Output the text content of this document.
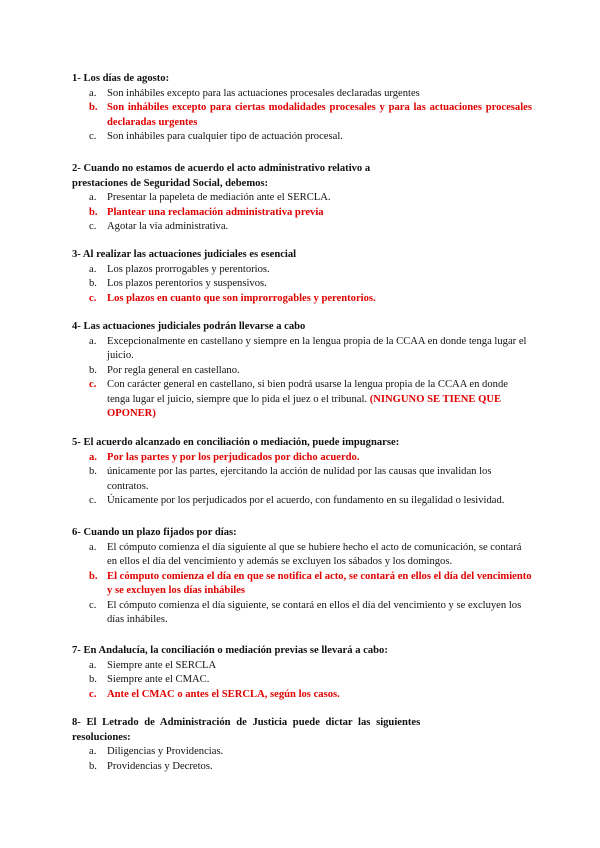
1- Los días de agosto:
a. Son inhábiles excepto para las actuaciones procesales declaradas urgentes
b. Son inhábiles excepto para ciertas modalidades procesales y para las actuaciones procesales declaradas urgentes
c. Son inhábiles para cualquier tipo de actuación procesal.
2- Cuando no estamos de acuerdo el acto administrativo relativo a
prestaciones de Seguridad Social, debemos:
a. Presentar la papeleta de mediación ante el SERCLA.
b. Plantear una reclamación administrativa previa
c. Agotar la vía administrativa.
3- Al realizar las actuaciones judiciales es esencial
a. Los plazos prorrogables y perentorios.
b. Los plazos perentorios y suspensivos.
c. Los plazos en cuanto que son improrrogables y perentorios.
4- Las actuaciones judiciales podrán llevarse a cabo
a. Excepcionalmente en castellano y siempre en la lengua propia de la CCAA en donde tenga lugar el juicio.
b. Por regla general en castellano.
c. Con carácter general en castellano, si bien podrá usarse la lengua propia de la CCAA en donde tenga lugar el juicio, siempre que lo pida el juez o el tribunal. (NINGUNO SE TIENE QUE OPONER)
5- El acuerdo alcanzado en conciliación o mediación, puede impugnarse:
a. Por las partes y por los perjudicados por dicho acuerdo.
b. únicamente por las partes, ejercitando la acción de nulidad por las causas que invalidan los contratos.
c. Únicamente por los perjudicados por el acuerdo, con fundamento en su ilegalidad o lesividad.
6- Cuando un plazo fijados por días:
a. El cómputo comienza el día siguiente al que se hubiere hecho el acto de comunicación, se contará en ellos el día del vencimiento y además se excluyen los sábados y los domingos.
b. El cómputo comienza el día en que se notifica el acto, se contará en ellos el día del vencimiento y se excluyen los días inhábiles
c. El cómputo comienza el día siguiente, se contará en ellos el día del vencimiento y se excluyen los días inhábiles.
7- En Andalucía, la conciliación o mediación previas se llevará a cabo:
a. Siempre ante el SERCLA
b. Siempre ante el CMAC.
c. Ante el CMAC o antes el SERCLA, según los casos.
8- El Letrado de Administración de Justicia puede dictar las siguientes
resoluciones:
a. Diligencias y Providencias.
b. Providencias y Decretos.
